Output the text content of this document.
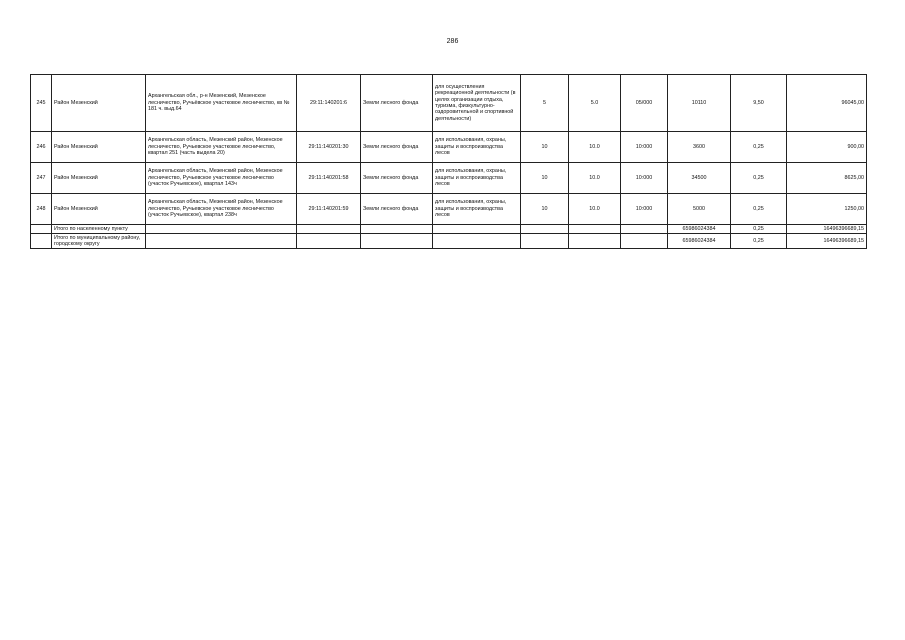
286
245	Район Мезенский	Архангельская обл., р-н Мезенский, Мезенское лесничество, Ручьёвское участковое лесничество, кв № 181 ч. выд.64	29:11:140201:6	Земли лесного фонда	для осуществления рекреационной деятельности (в целях организации отдыха, туризма, физкультурно-оздоровительной и спортивной деятельности)	5	5.0	05/000	10110	9,50	96045,00
246	Район Мезенский	Архангельская область, Мезенский район, Мезенское лесничество, Ручьевское участковое лесничество, квартал 251 (часть выдела 20)	29:11:140201:30	Земли лесного фонда	для использования, охраны, защиты и воспроизводства лесов	10	10.0	10:000	3600	0,25	900,00
247	Район Мезенский	Архангельская область, Мезенский район, Мезенское лесничество, Ручьевское участковое лесничество (участок Ручьевское), квартал 143ч	29:11:140201:58	Земли лесного фонда	для использования, охраны, защиты и воспроизводства лесов	10	10.0	10:000	34500	0,25	8625,00
248	Район Мезенский	Архангельская область, Мезенский район, Мезенское лесничество, Ручьевское участковое лесничество (участок Ручьевское), квартал 238ч	29:11:140201:59	Земли лесного фонда	для использования, охраны, защиты и воспроизводства лесов	10	10.0	10:000	5000	0,25	1250,00
	Итого по населенному пункту								65986024384	0,25	16496396689,15
	Итого по муниципальному району, городскому округу								65986024384	0,25	16496396689,15
